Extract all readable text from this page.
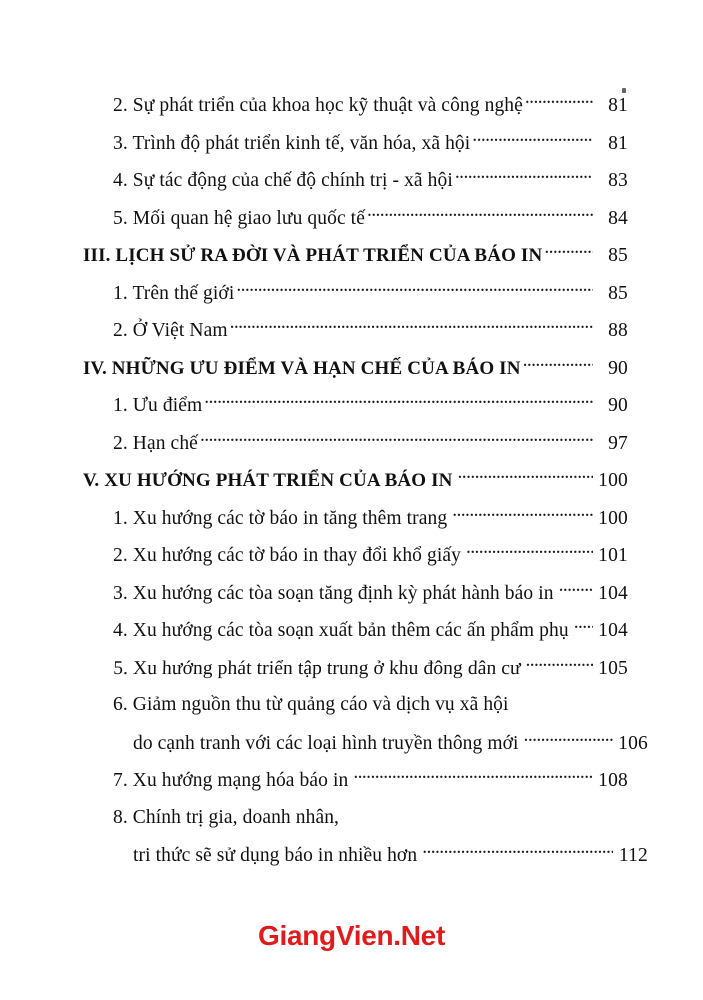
2. Sự phát triển của khoa học kỹ thuật và công nghệ .....	81
3. Trình độ phát triển kinh tế, văn hóa, xã hội .....	81
4. Sự tác động của chế độ chính trị - xã hội .....	83
5. Mối quan hệ giao lưu quốc tế .....	84
III. LỊCH SỬ RA ĐỜI VÀ PHÁT TRIỂN CỦA BÁO IN .....	85
1. Trên thế giới .....	85
2. Ở Việt Nam .....	88
IV. NHỮNG ƯU ĐIỂM VÀ HẠN CHẾ CỦA BÁO IN .....	90
1. Ưu điểm .....	90
2. Hạn chế .....	97
V. XU HƯỚNG PHÁT TRIỂN CỦA BÁO IN .....	100
1. Xu hướng các tờ báo in tăng thêm trang .....	100
2. Xu hướng các tờ báo in thay đổi khổ giấy .....	101
3. Xu hướng các tòa soạn tăng định kỳ phát hành báo in ..... 104
4. Xu hướng các tòa soạn xuất bản thêm các ấn phẩm phụ ..... 104
5. Xu hướng phát triển tập trung ở khu đông dân cư .....	105
6. Giảm nguồn thu từ quảng cáo và dịch vụ xã hội
do cạnh tranh với các loại hình truyền thông mới .....	106
7. Xu hướng mạng hóa báo in .....	108
8. Chính trị gia, doanh nhân,
tri thức sẽ sử dụng báo in nhiều hơn .....	112
GiangVien.Net
